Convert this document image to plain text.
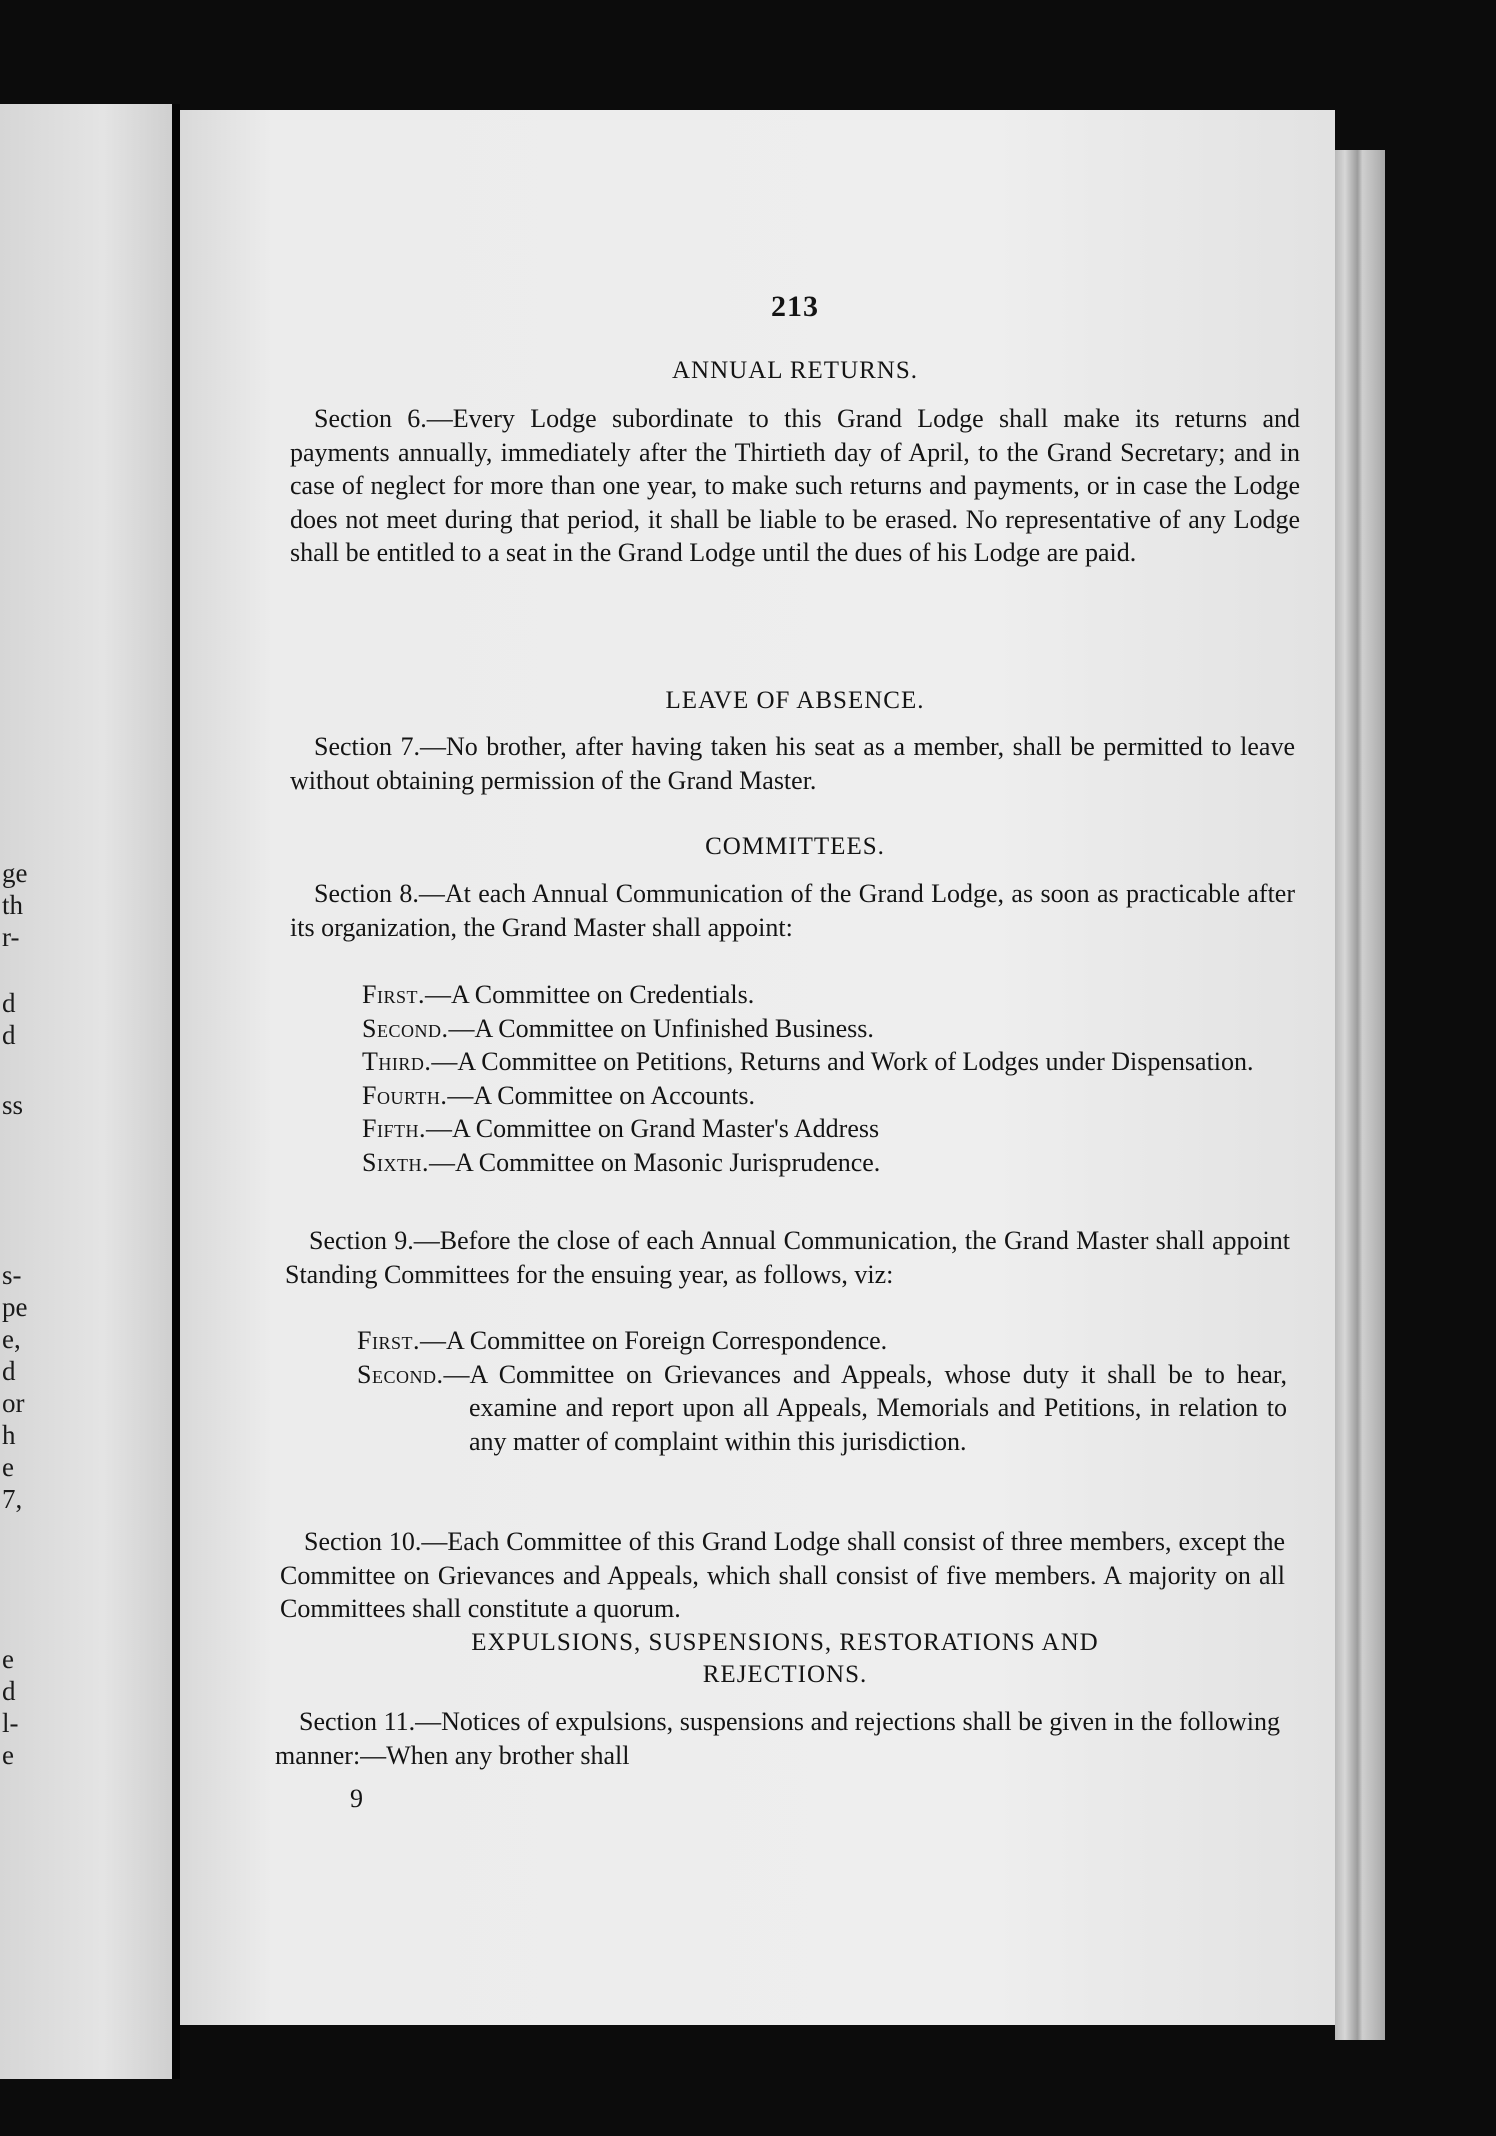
ge
th
r-
d
d
ss
s-
pe
e,
d
or
h
e
7,
e
d
l-
e
213
ANNUAL RETURNS.
Section 6.—Every Lodge subordinate to this Grand Lodge shall make its returns and payments annually, immediately after the Thirtieth day of April, to the Grand Secretary; and in case of neglect for more than one year, to make such returns and payments, or in case the Lodge does not meet during that period, it shall be liable to be erased. No representative of any Lodge shall be entitled to a seat in the Grand Lodge until the dues of his Lodge are paid.
LEAVE OF ABSENCE.
Section 7.—No brother, after having taken his seat as a member, shall be permitted to leave without obtaining permission of the Grand Master.
COMMITTEES.
Section 8.—At each Annual Communication of the Grand Lodge, as soon as practicable after its organization, the Grand Master shall appoint:
First.—A Committee on Credentials.
Second.—A Committee on Unfinished Business.
Third.—A Committee on Petitions, Returns and Work of Lodges under Dispensation.
Fourth.—A Committee on Accounts.
Fifth.—A Committee on Grand Master's Address
Sixth.—A Committee on Masonic Jurisprudence.
Section 9.—Before the close of each Annual Communication, the Grand Master shall appoint Standing Committees for the ensuing year, as follows, viz:
First.—A Committee on Foreign Correspondence.
Second.—A Committee on Grievances and Appeals, whose duty it shall be to hear, examine and report upon all Appeals, Memorials and Petitions, in relation to any matter of complaint within this jurisdiction.
Section 10.—Each Committee of this Grand Lodge shall consist of three members, except the Committee on Grievances and Appeals, which shall consist of five members. A majority on all Committees shall constitute a quorum.
EXPULSIONS, SUSPENSIONS, RESTORATIONS AND
REJECTIONS.
Section 11.—Notices of expulsions, suspensions and rejections shall be given in the following manner:—When any brother shall
9
